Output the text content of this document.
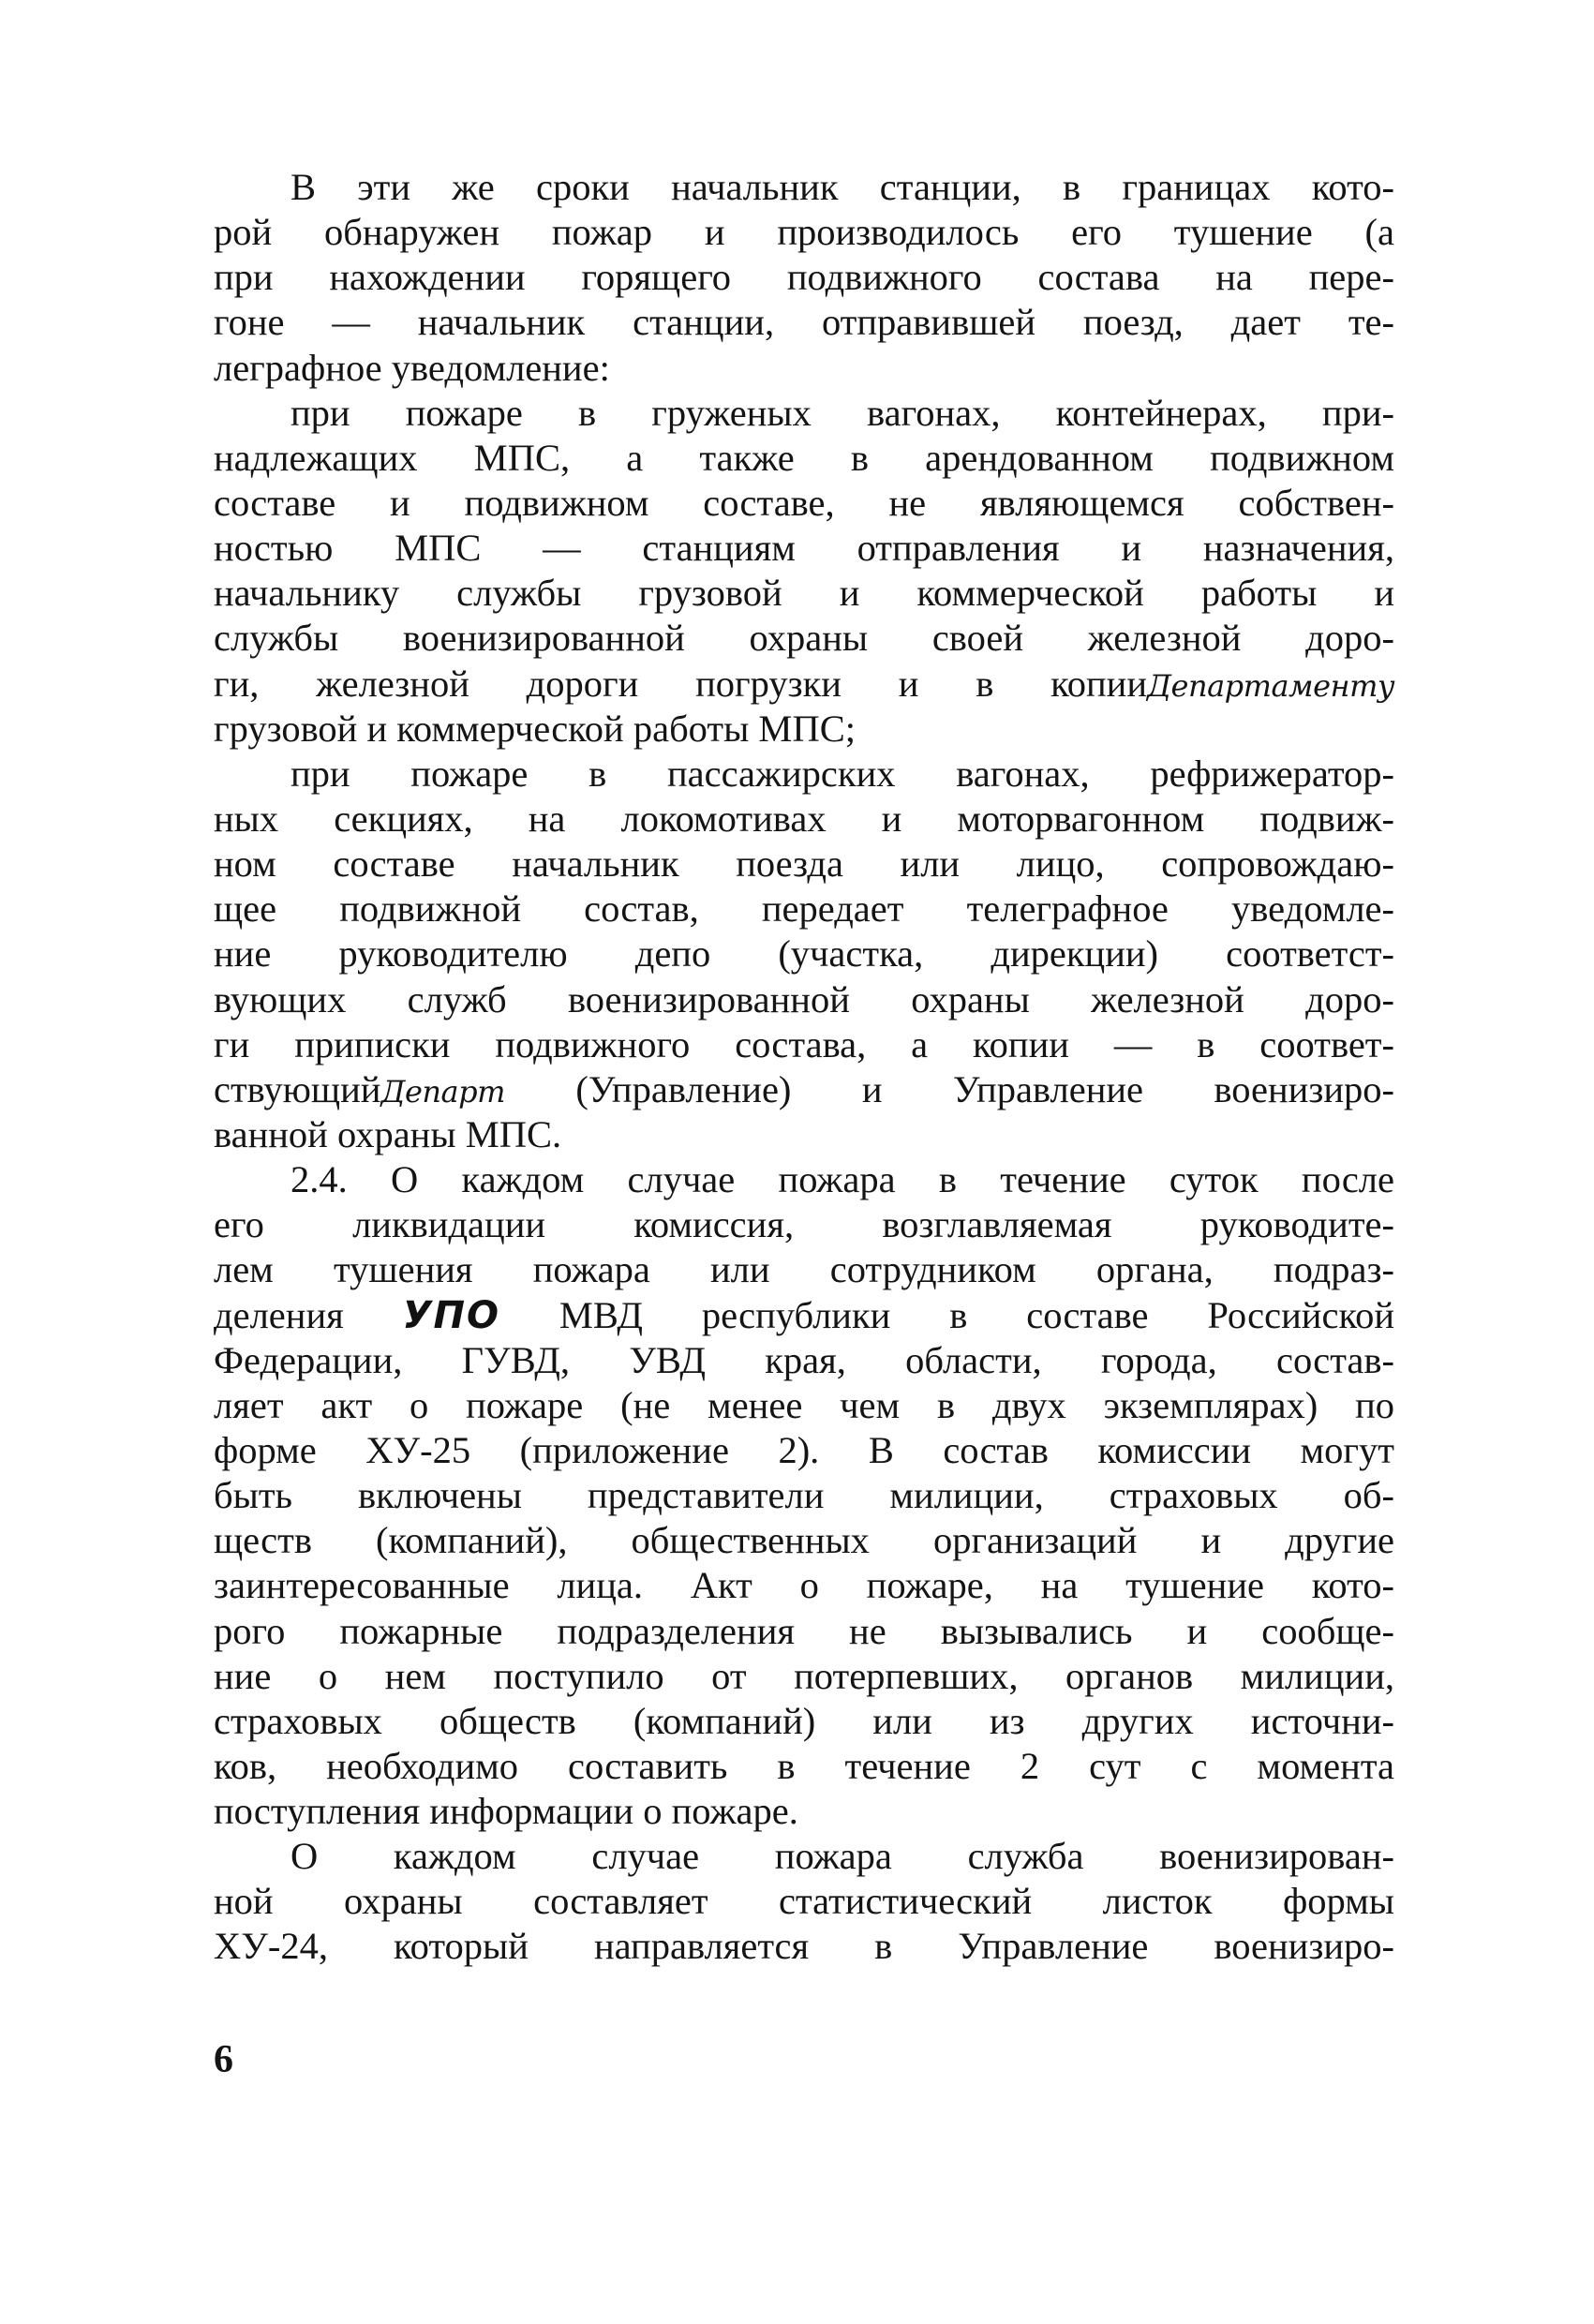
В эти же сроки начальник станции, в границах кото-
рой обнаружен пожар и производилось его тушение (а
при нахождении горящего подвижного состава на пере-
гоне — начальник станции, отправившей поезд, дает те-
леграфное уведомление:
при пожаре в груженых вагонах, контейнерах, при-
надлежащих МПС, а также в арендованном подвижном
составе и подвижном составе, не являющемся собствен-
ностью МПС — станциям отправления и назначения,
начальнику службы грузовой и коммерческой работы и
службы военизированной охраны своей железной доро-
ги, железной дороги погрузки и в копииДепартаменту
грузовой и коммерческой работы МПС;
при пожаре в пассажирских вагонах, рефрижератор-
ных секциях, на локомотивах и моторвагонном подвиж-
ном составе начальник поезда или лицо, сопровождаю-
щее подвижной состав, передает телеграфное уведомле-
ние руководителю депо (участка, дирекции) соответст-
вующих служб военизированной охраны железной доро-
ги приписки подвижного состава, а копии — в соответ-
ствующийДепарт (Управление) и Управление военизиро-
ванной охраны МПС.
2.4. О каждом случае пожара в течение суток после
его ликвидации комиссия, возглавляемая руководите-
лем тушения пожара или сотрудником органа, подраз-
деления УПО МВД республики в составе Российской
Федерации, ГУВД, УВД края, области, города, состав-
ляет акт о пожаре (не менее чем в двух экземплярах) по
форме ХУ-25 (приложение 2). В состав комиссии могут
быть включены представители милиции, страховых об-
ществ (компаний), общественных организаций и другие
заинтересованные лица. Акт о пожаре, на тушение кото-
рого пожарные подразделения не вызывались и сообще-
ние о нем поступило от потерпевших, органов милиции,
страховых обществ (компаний) или из других источни-
ков, необходимо составить в течение 2 сут с момента
поступления информации о пожаре.
О каждом случае пожара служба военизирован-
ной охраны составляет статистический листок формы
ХУ-24, который направляется в Управление военизиро-
6
